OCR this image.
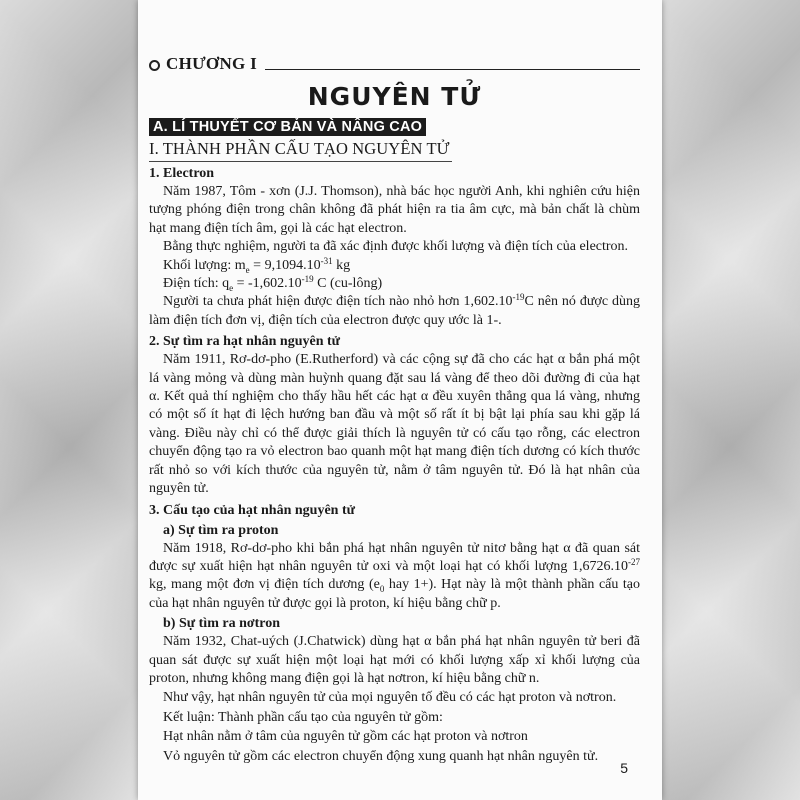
CHƯƠNG I
NGUYÊN TỬ
A. LÍ THUYẾT CƠ BẢN VÀ NÂNG CAO
I. THÀNH PHẦN CẤU TẠO NGUYÊN TỬ
1. Electron

Năm 1987, Tôm - xơn (J.J. Thomson), nhà bác học người Anh, khi nghiên cứu hiện tượng phóng điện trong chân không đã phát hiện ra tia âm cực, mà bản chất là chùm hạt mang điện tích âm, gọi là các hạt electron.

Bằng thực nghiệm, người ta đã xác định được khối lượng và điện tích của electron.

Khối lượng: $m_e = 9,1094.10^{-31}$ kg

Điện tích: $q_e = -1,602.10^{-19}$ C (cu-lông)

Người ta chưa phát hiện được điện tích nào nhỏ hơn $1,602.10^{-19}C$ nên nó được dùng làm điện tích đơn vị, điện tích của electron được quy ước là 1-.

2. Sự tìm ra hạt nhân nguyên tử

Năm 1911, Rơ-dơ-pho (E.Rutherford) và các cộng sự đã cho các hạt α bắn phá một lá vàng mỏng và dùng màn huỳnh quang đặt sau lá vàng để theo dõi đường đi của hạt α. Kết quả thí nghiệm cho thấy hầu hết các hạt α đều xuyên thẳng qua lá vàng, nhưng có một số ít hạt đi lệch hướng ban đầu và một số rất ít bị bật lại phía sau khi gặp lá vàng. Điều này chỉ có thể được giải thích là nguyên tử có cấu tạo rỗng, các electron chuyển động tạo ra vỏ electron bao quanh một hạt mang điện tích dương có kích thước rất nhỏ so với kích thước của nguyên tử, nằm ở tâm nguyên tử. Đó là hạt nhân của nguyên tử.

3. Cấu tạo của hạt nhân nguyên tử
a) Sự tìm ra proton

Năm 1918, Rơ-dơ-pho khi bắn phá hạt nhân nguyên tử nitơ bằng hạt α đã quan sát được sự xuất hiện hạt nhân nguyên tử oxi và một loại hạt có khối lượng $1,6726.10^{-27}$ kg, mang một đơn vị điện tích dương ($e_0$ hay 1+). Hạt này là một thành phần cấu tạo của hạt nhân nguyên tử được gọi là proton, kí hiệu bằng chữ p.

b) Sự tìm ra nơtron

Năm 1932, Chat-uých (J.Chatwick) dùng hạt α bắn phá hạt nhân nguyên tử beri đã quan sát được sự xuất hiện một loại hạt mới có khối lượng xấp xỉ khối lượng của proton, nhưng không mang điện gọi là hạt nơtron, kí hiệu bằng chữ n.

Như vậy, hạt nhân nguyên tử của mọi nguyên tố đều có các hạt proton và nơtron.

Kết luận: Thành phần cấu tạo của nguyên tử gồm:

Hạt nhân nằm ở tâm của nguyên tử gồm các hạt proton và nơtron

Vỏ nguyên tử gồm các electron chuyển động xung quanh hạt nhân nguyên tử.

5
